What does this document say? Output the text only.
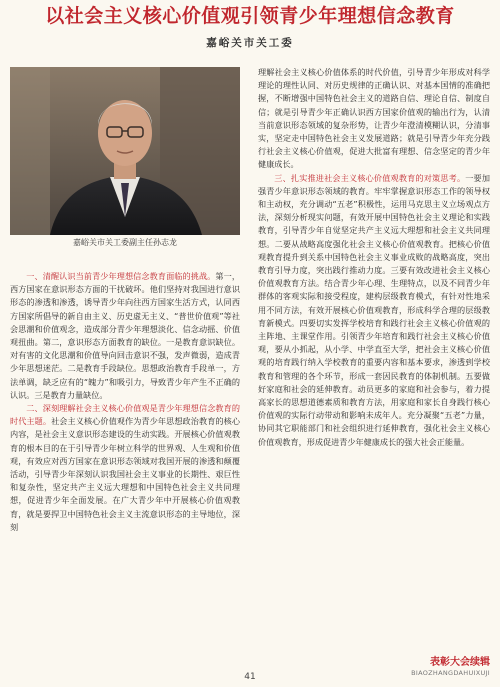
以社会主义核心价值观引领青少年理想信念教育
嘉峪关市关工委
嘉峪关市关工委副主任孙志龙

一、清醒认识当前青少年理想信念教育面临的挑战。第一，西方国家在意识形态方面的干扰破坏。他们坚持对我国进行意识形态的渗透和渗透，诱导青少年向往西方国家生活方式，认同西方国家所倡导的新自由主义、历史虚无主义、“普世价值观”等社会思潮和价值观念，造成部分青少年理想淡化、信念动摇、价值观扭曲。第二，意识形态方面教育的缺位。一是教育意识缺位。对有害的文化思潮和价值导向回击意识不强，发声微弱，造成青少年思想迷茫。二是教育手段缺位。思想政治教育手段单一，方法单调，缺乏应有的“魄力”和吸引力，导致青少年产生不正确的认识。三是教育力量缺位。

二、深刻理解社会主义核心价值观是青少年理想信念教育的时代主题。社会主义核心价值观作为青少年思想政治教育的核心内容，是社会主义意识形态建设的生动实践。开展核心价值观教育的根本目的在于引导青少年树立科学的世界观、人生观和价值观，有效应对西方国家在意识形态领域对我国开展的渗透和颠覆活动，引导青少年深刻认识我国社会主义事业的长期性、艰巨性和复杂性，坚定共产主义远大理想和中国特色社会主义共同理想，促进青少年全面发展。在广大青少年中开展核心价值观教育，就是要捍卫中国特色社会主义主流意识形态的主导地位，深刻

理解社会主义核心价值体系的时代价值，引导青少年形成对科学理论的理性认同、对历史规律的正确认识、对基本国情的准确把握，不断增强中国特色社会主义的道路自信、理论自信、制度自信；就是引导青少年正确认识西方国家价值观的输出行为，认清当前意识形态领域的复杂形势，让青少年澄清模糊认识，分清事实，坚定走中国特色社会主义发展道路；就是引导青少年充分践行社会主义核心价值观，促进大批富有理想、信念坚定的青少年健康成长。

三、扎实推进社会主义核心价值观教育的对策思考。一要加强青少年意识形态领域的教育。牢牢掌握意识形态工作的领导权和主动权，充分调动“五老”积极性，运用马克思主义立场观点方法，深刻分析现实问题，有效开展中国特色社会主义理论和实践教育，引导青少年自觉坚定共产主义远大理想和社会主义共同理想。二要从战略高度强化社会主义核心价值观教育。把核心价值观教育提升到关系中国特色社会主义事业成败的战略高度，突出教育引导力度，突出践行推动力度。三要有效改进社会主义核心价值观教育方法。结合青少年心理、生理特点，以及不同青少年群体的客观实际和接受程度，建构层级教育模式，有针对性地采用不同方法，有效开展核心价值观教育，形成科学合理的层级教育新模式。四要切实发挥学校培育和践行社会主义核心价值观的主阵地、主课堂作用。引领青少年培育和践行社会主义核心价值观，要从小抓起，从小学、中学直至大学，把社会主义核心价值观的培育践行纳入学校教育的重要内容和基本要求，渗透到学校教育和管理的各个环节，形成一套因民教育的体制机制。五要做好家庭和社会的延伸教育。动员更多的家庭和社会参与，着力提高家长的思想道德素质和教育方法，用家庭和家长自身践行核心价值观的实际行动带动和影响未成年人。充分凝聚“五老”力量，协同其它职能部门和社会组织进行延伸教育，强化社会主义核心价值观教育，形成促进青少年健康成长的强大社会正能量。

41
表彰大会续辑
BIAOZHANGDAHUIXUJI
